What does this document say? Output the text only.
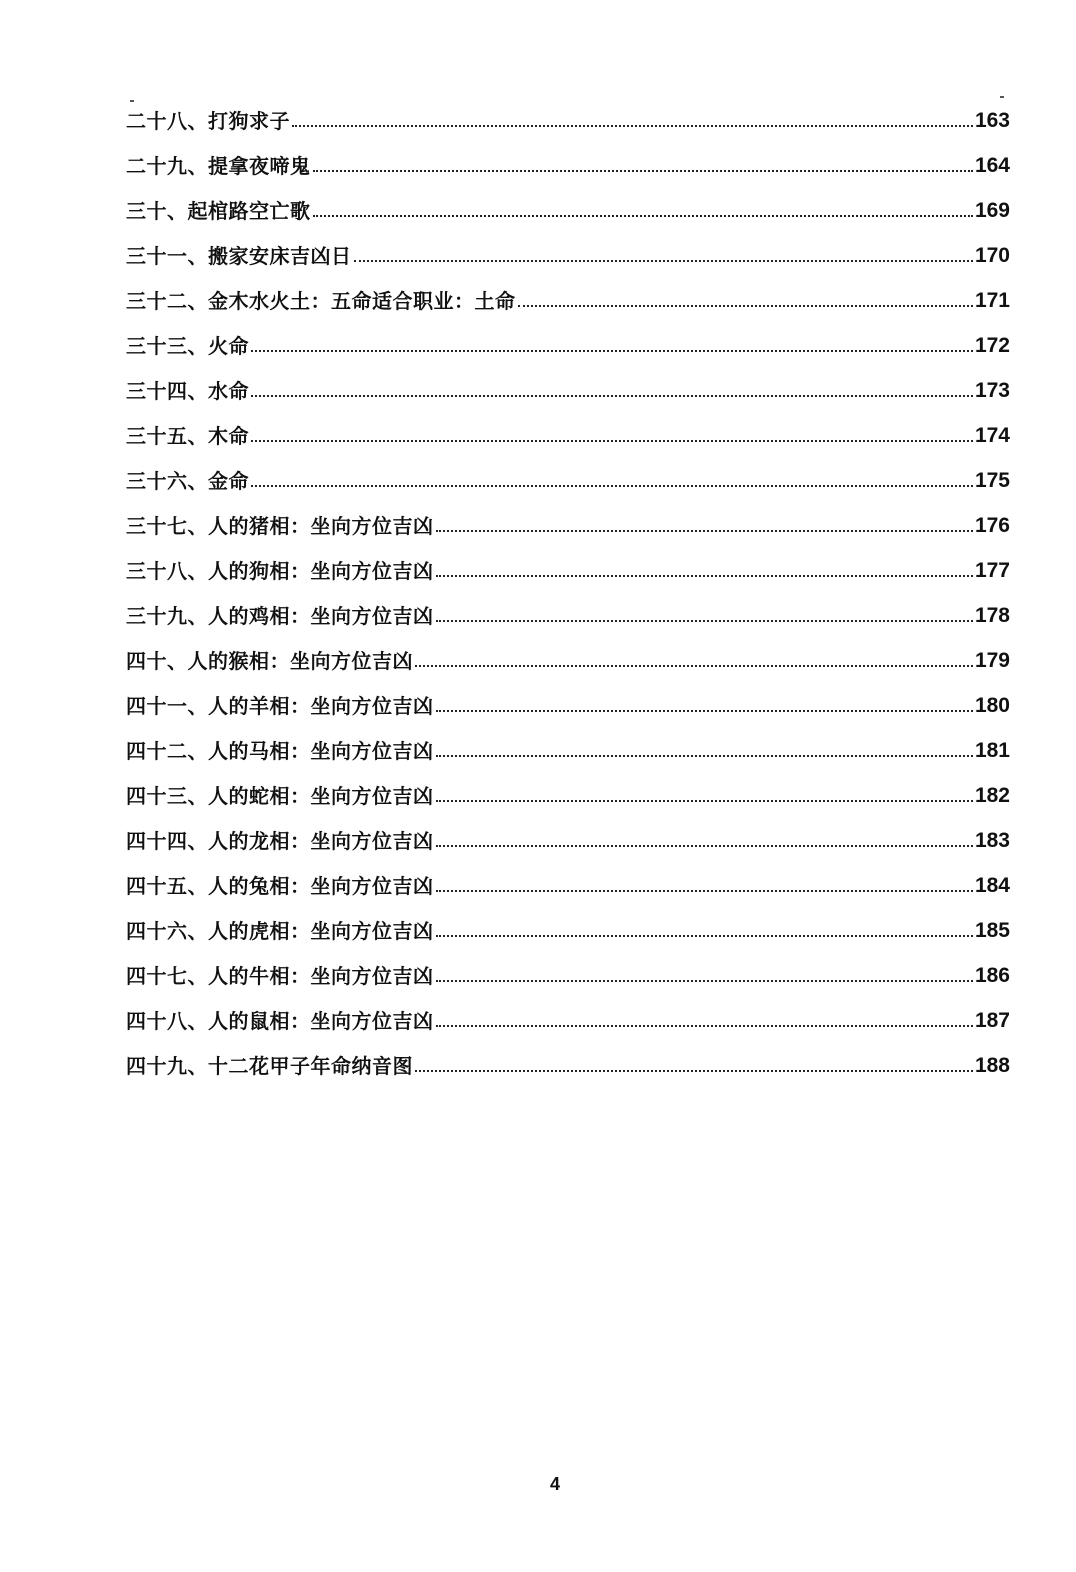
二十八、打狗求子	163
二十九、提拿夜啼鬼	164
三十、起棺路空亡歌	169
三十一、搬家安床吉凶日	170
三十二、金木水火土：五命适合职业：土命	171
三十三、火命	172
三十四、水命	173
三十五、木命	174
三十六、金命	175
三十七、人的猪相：坐向方位吉凶	176
三十八、人的狗相：坐向方位吉凶	177
三十九、人的鸡相：坐向方位吉凶	178
四十、人的猴相：坐向方位吉凶	179
四十一、人的羊相：坐向方位吉凶	180
四十二、人的马相：坐向方位吉凶	181
四十三、人的蛇相：坐向方位吉凶	182
四十四、人的龙相：坐向方位吉凶	183
四十五、人的兔相：坐向方位吉凶	184
四十六、人的虎相：坐向方位吉凶	185
四十七、人的牛相：坐向方位吉凶	186
四十八、人的鼠相：坐向方位吉凶	187
四十九、十二花甲子年命纳音图	188
4
